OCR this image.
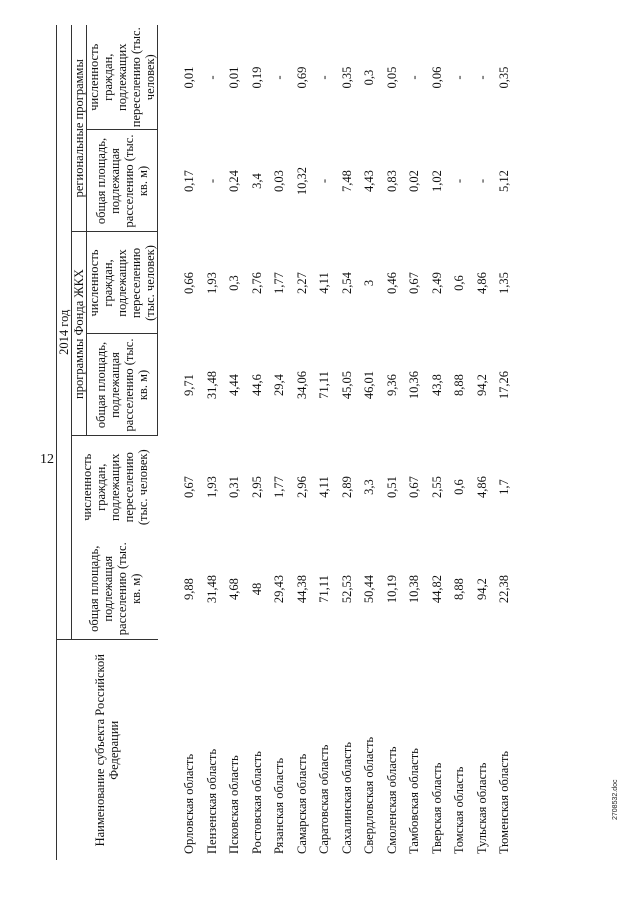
12
2708532.doc
Наименование субъекта Российской Федерации	2014 год					
	общая площадь, подлежащая расселению (тыс. кв. м)	численность граждан, подлежащих переселению (тыс. человек)	программы Фонда ЖКХ		региональные программы	
			общая площадь, подлежащая расселению (тыс. кв. м)	численность граждан, подлежащих переселению (тыс. человек)	общая площадь, подлежащая расселению (тыс. кв. м)	численность граждан, подлежащих переселению (тыс. человек)

Орловская область	9,88	0,67	9,71	0,66	0,17	0,01
Пензенская область	31,48	1,93	31,48	1,93	-	-
Псковская область	4,68	0,31	4,44	0,3	0,24	0,01
Ростовская область	48	2,95	44,6	2,76	3,4	0,19
Рязанская область	29,43	1,77	29,4	1,77	0,03	-
Самарская область	44,38	2,96	34,06	2,27	10,32	0,69
Саратовская область	71,11	4,11	71,11	4,11	-	-
Сахалинская область	52,53	2,89	45,05	2,54	7,48	0,35
Свердловская область	50,44	3,3	46,01	3	4,43	0,3
Смоленская область	10,19	0,51	9,36	0,46	0,83	0,05
Тамбовская область	10,38	0,67	10,36	0,67	0,02	-
Тверская область	44,82	2,55	43,8	2,49	1,02	0,06
Томская область	8,88	0,6	8,88	0,6	-	-
Тульская область	94,2	4,86	94,2	4,86	-	-
Тюменская область	22,38	1,7	17,26	1,35	5,12	0,35
